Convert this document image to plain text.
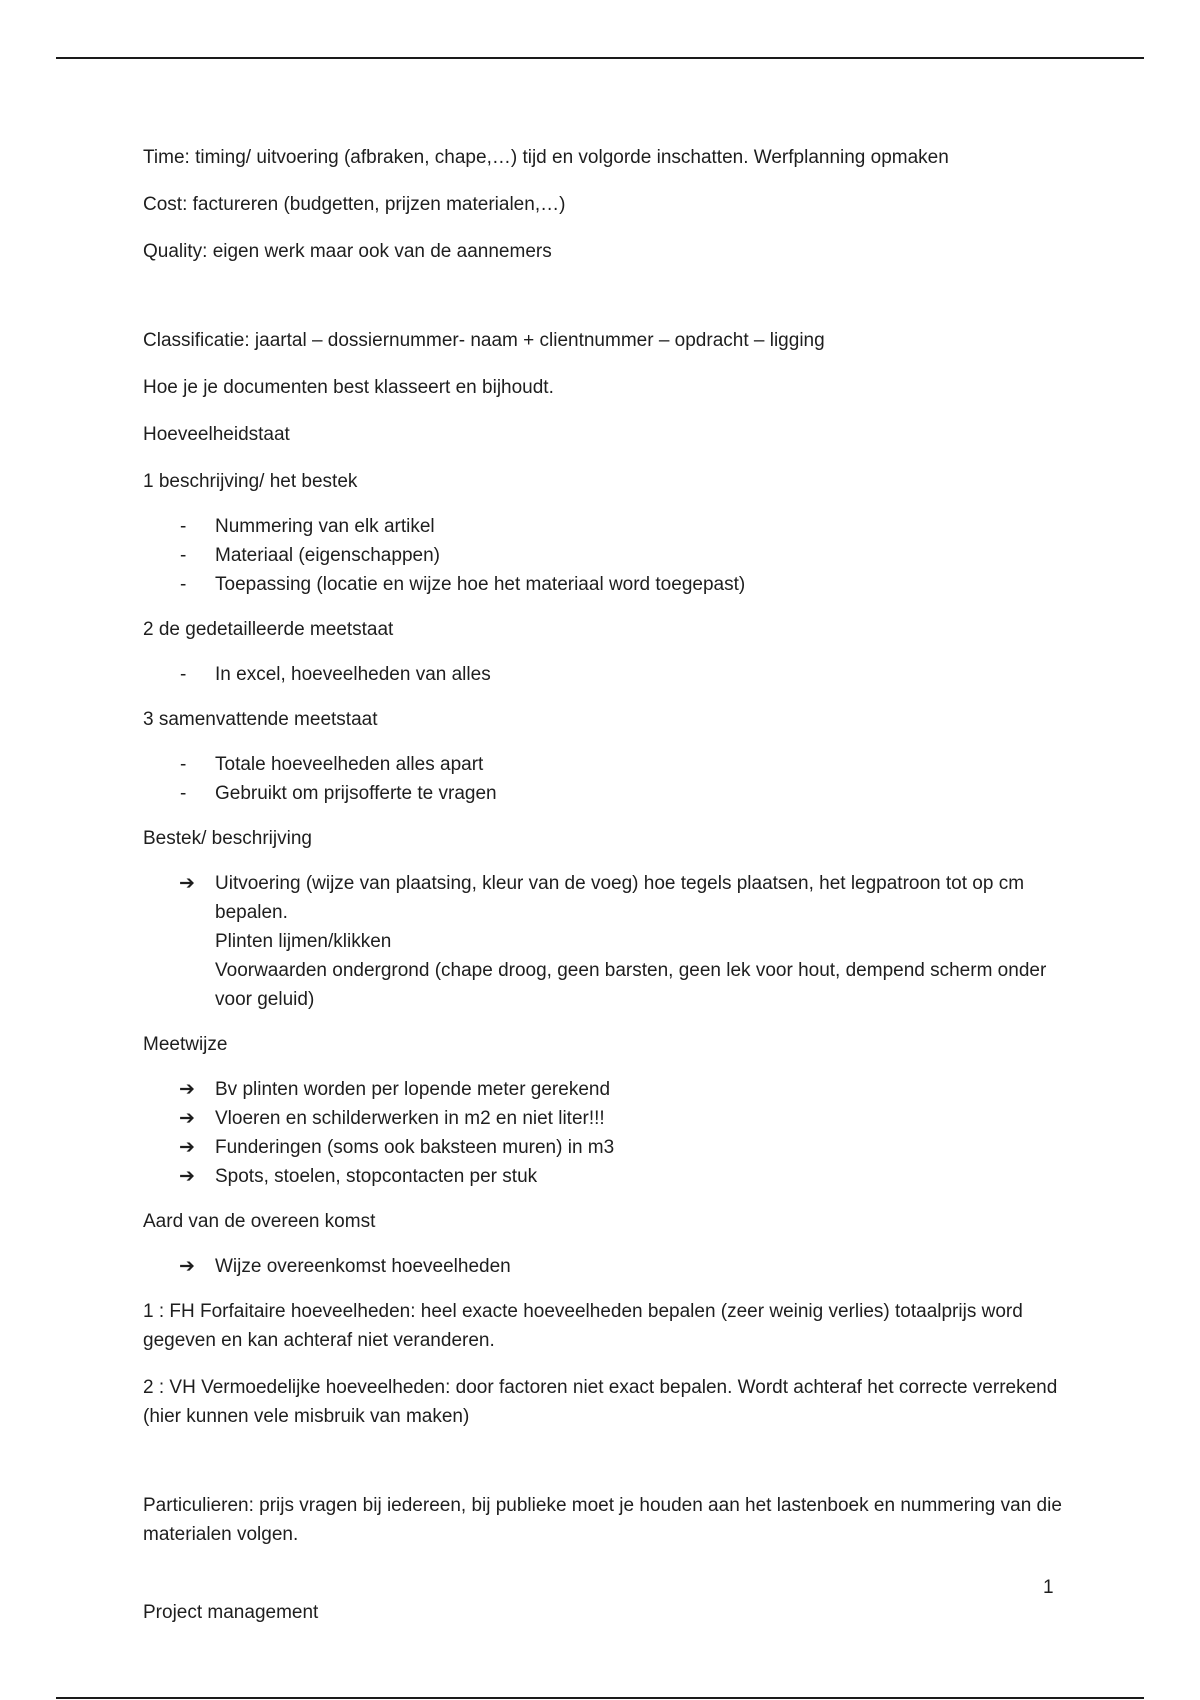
Time: timing/ uitvoering (afbraken, chape,…) tijd en volgorde inschatten. Werfplanning opmaken

Cost: factureren (budgetten, prijzen materialen,…)

Quality: eigen werk maar ook van de aannemers

Classificatie: jaartal – dossiernummer- naam + clientnummer – opdracht – ligging

Hoe je je documenten best klasseert en bijhoudt.

Hoeveelheidstaat

1 beschrijving/ het bestek

- Nummering van elk artikel
- Materiaal (eigenschappen)
- Toepassing (locatie en wijze hoe het materiaal word toegepast)

2 de gedetailleerde meetstaat

- In excel, hoeveelheden van alles

3 samenvattende meetstaat

- Totale hoeveelheden alles apart
- Gebruikt om prijsofferte te vragen

Bestek/ beschrijving

➔ Uitvoering (wijze van plaatsing, kleur van de voeg) hoe tegels plaatsen, het legpatroon tot op cm bepalen.
Plinten lijmen/klikken
Voorwaarden ondergrond (chape droog, geen barsten, geen lek voor hout, dempend scherm onder voor geluid)

Meetwijze

➔ Bv plinten worden per lopende meter gerekend
➔ Vloeren en schilderwerken in m2 en niet liter!!!
➔ Funderingen (soms ook baksteen muren) in m3
➔ Spots, stoelen, stopcontacten per stuk

Aard van de overeen komst

➔ Wijze overeenkomst hoeveelheden

1 : FH Forfaitaire hoeveelheden: heel exacte hoeveelheden bepalen (zeer weinig verlies) totaalprijs word gegeven en kan achteraf niet veranderen.

2 : VH Vermoedelijke hoeveelheden: door factoren niet exact bepalen. Wordt achteraf het correcte verrekend (hier kunnen vele misbruik van maken)

Particulieren: prijs vragen bij iedereen, bij publieke moet je houden aan het lastenboek en nummering van die materialen volgen.

1
Project management
